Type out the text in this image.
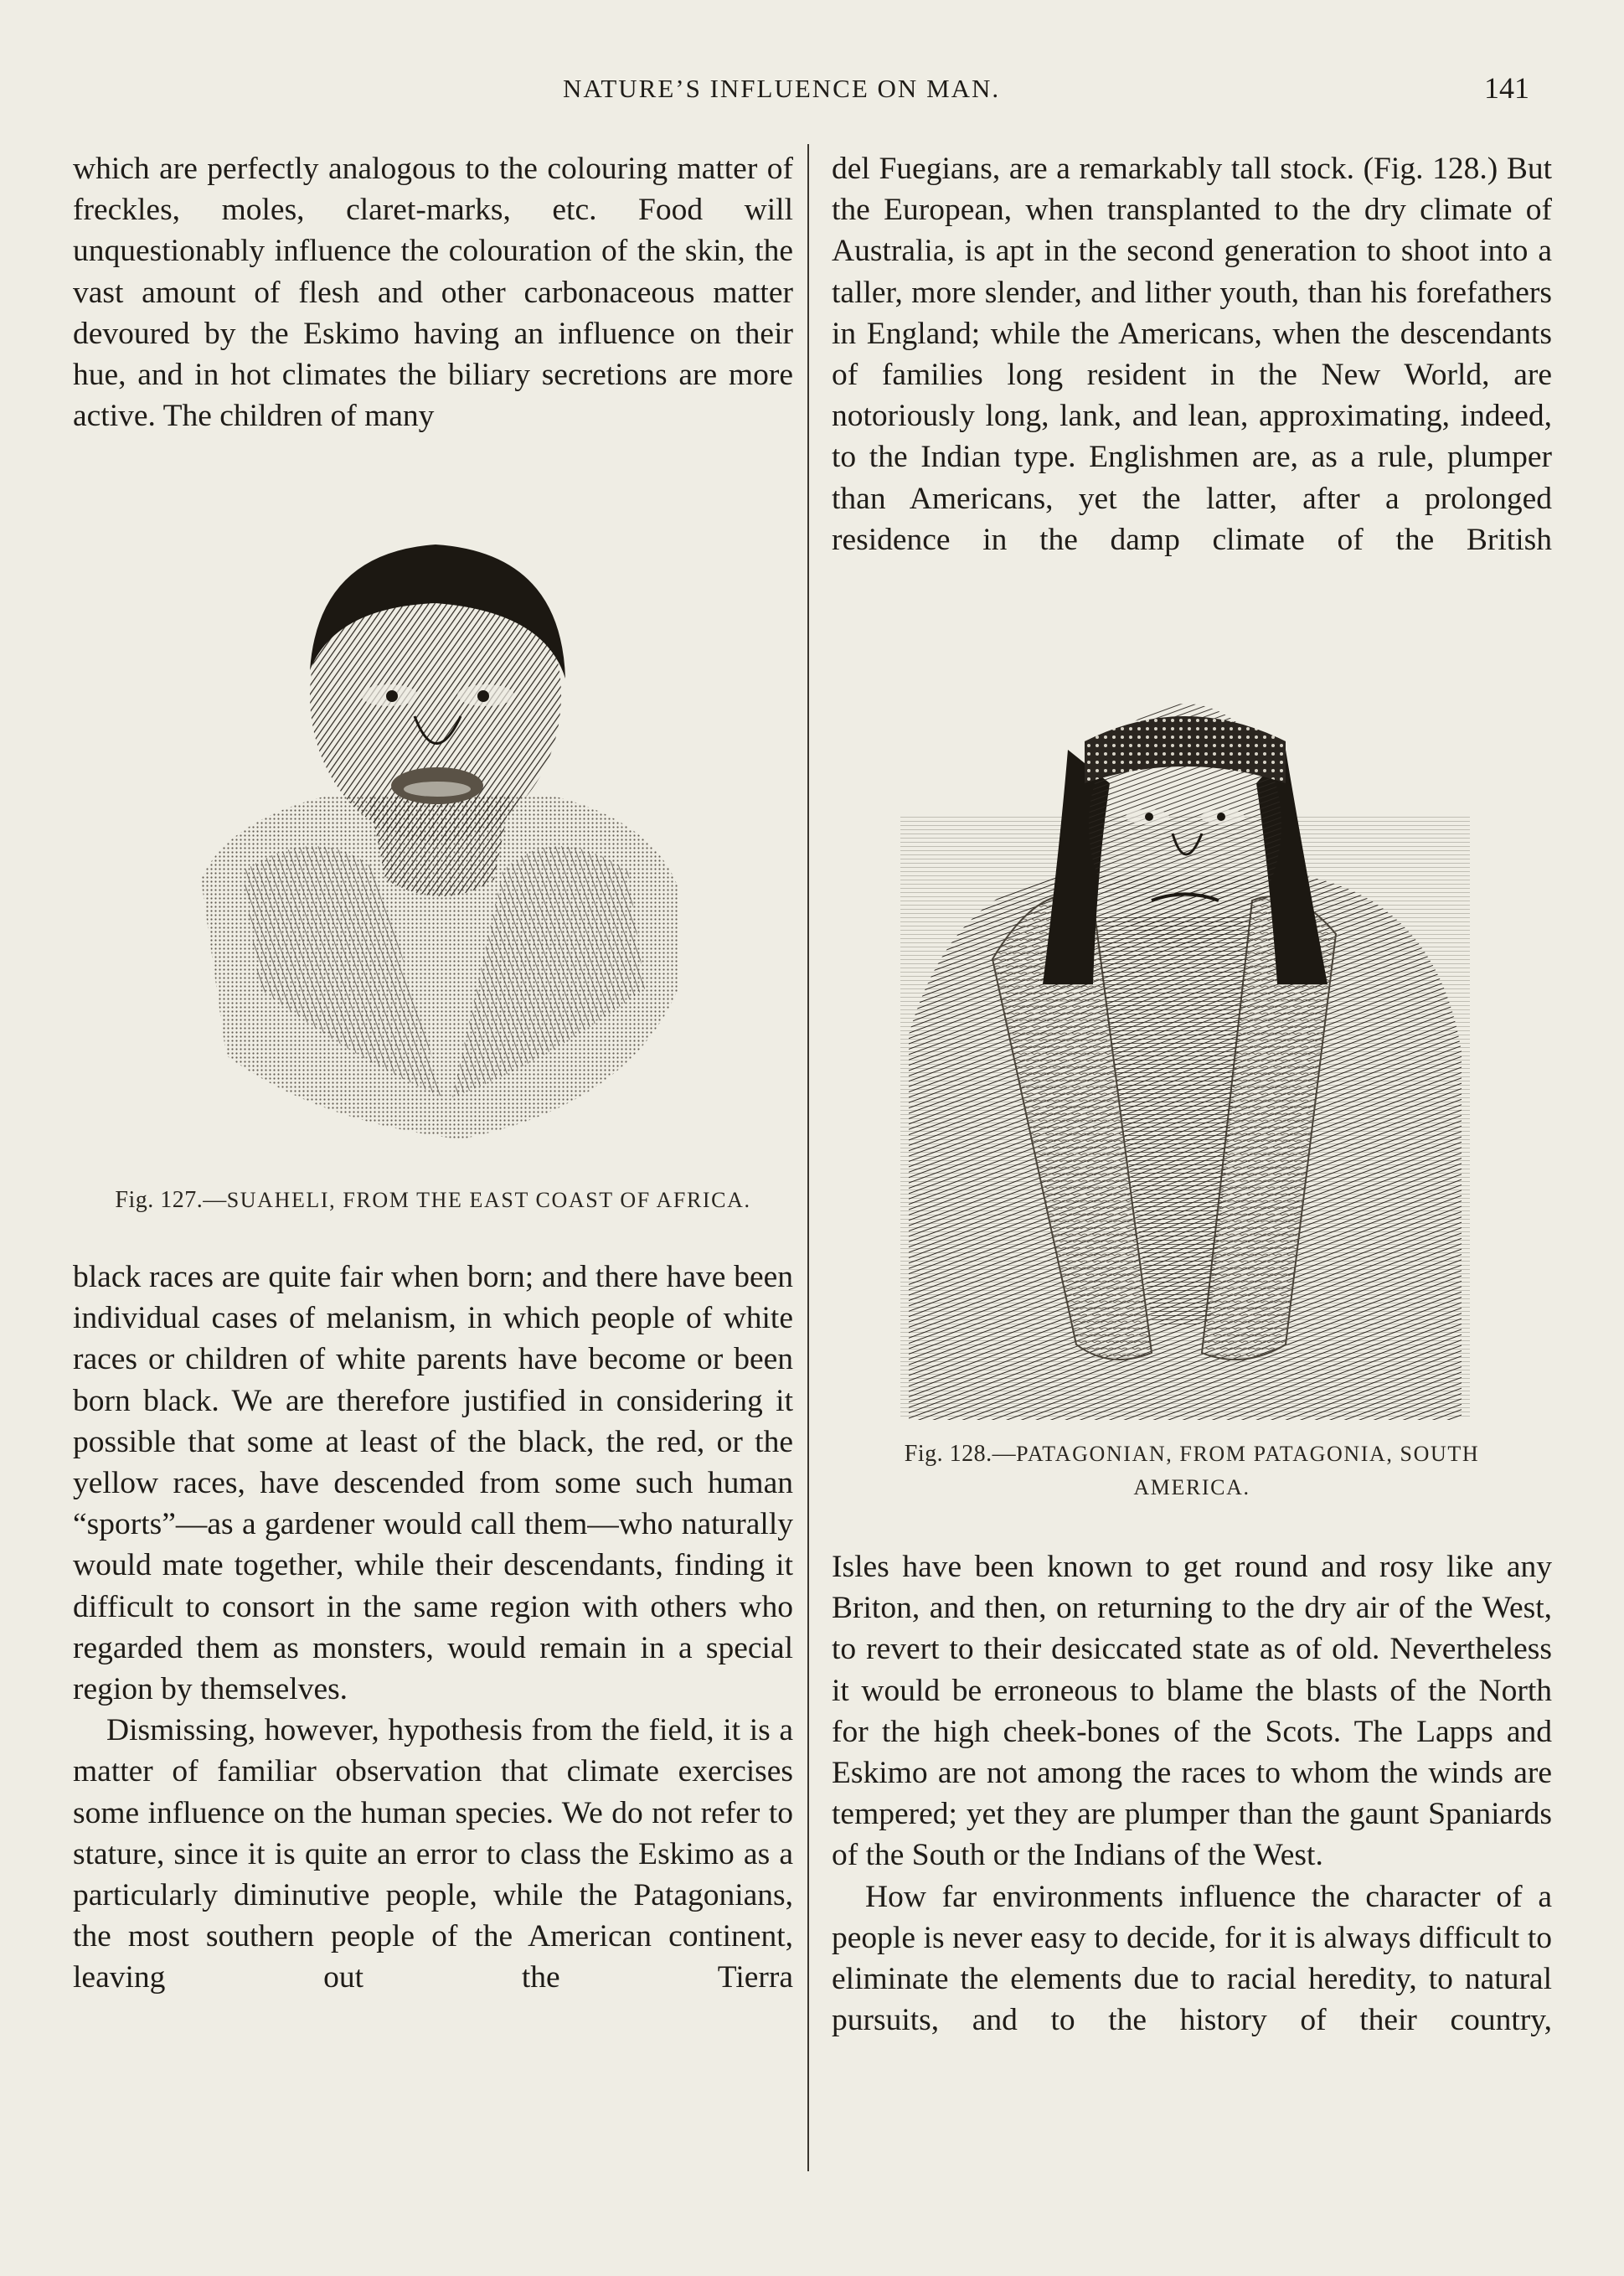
NATURE’S INFLUENCE ON MAN.	141

which are perfectly analogous to the colouring matter of freckles, moles, claret-marks, etc. Food will unquestionably influence the colouration of the skin, the vast amount of flesh and other carbonaceous matter devoured by the Eskimo having an influence on their hue, and in hot climates the biliary secretions are more active. The children of many

Fig. 127.—SUAHELI, FROM THE EAST COAST OF AFRICA.

black races are quite fair when born; and there have been individual cases of melanism, in which people of white races or children of white parents have become or been born black. We are therefore justified in considering it possible that some at least of the black, the red, or the yellow races, have descended from some such human “sports”—as a gardener would call them—who naturally would mate together, while their descendants, finding it difficult to consort in the same region with others who regarded them as monsters, would remain in a special region by themselves.

Dismissing, however, hypothesis from the field, it is a matter of familiar observation that climate exercises some influence on the human species. We do not refer to stature, since it is quite an error to class the Eskimo as a particularly diminutive people, while the Patagonians, the most southern people of the American continent, leaving out the Tierra

del Fuegians, are a remarkably tall stock. (Fig. 128.) But the European, when transplanted to the dry climate of Australia, is apt in the second generation to shoot into a taller, more slender, and lither youth, than his forefathers in England; while the Americans, when the descendants of families long resident in the New World, are notoriously long, lank, and lean, approximating, indeed, to the Indian type. Englishmen are, as a rule, plumper than Americans, yet the latter, after a prolonged residence in the damp climate of the British

Fig. 128.—PATAGONIAN, FROM PATAGONIA, SOUTH
AMERICA.

Isles have been known to get round and rosy like any Briton, and then, on returning to the dry air of the West, to revert to their desiccated state as of old. Nevertheless it would be erroneous to blame the blasts of the North for the high cheek-bones of the Scots. The Lapps and Eskimo are not among the races to whom the winds are tempered; yet they are plumper than the gaunt Spaniards of the South or the Indians of the West.

How far environments influence the character of a people is never easy to decide, for it is always difficult to eliminate the elements due to racial heredity, to natural pursuits, and to the history of their country,
